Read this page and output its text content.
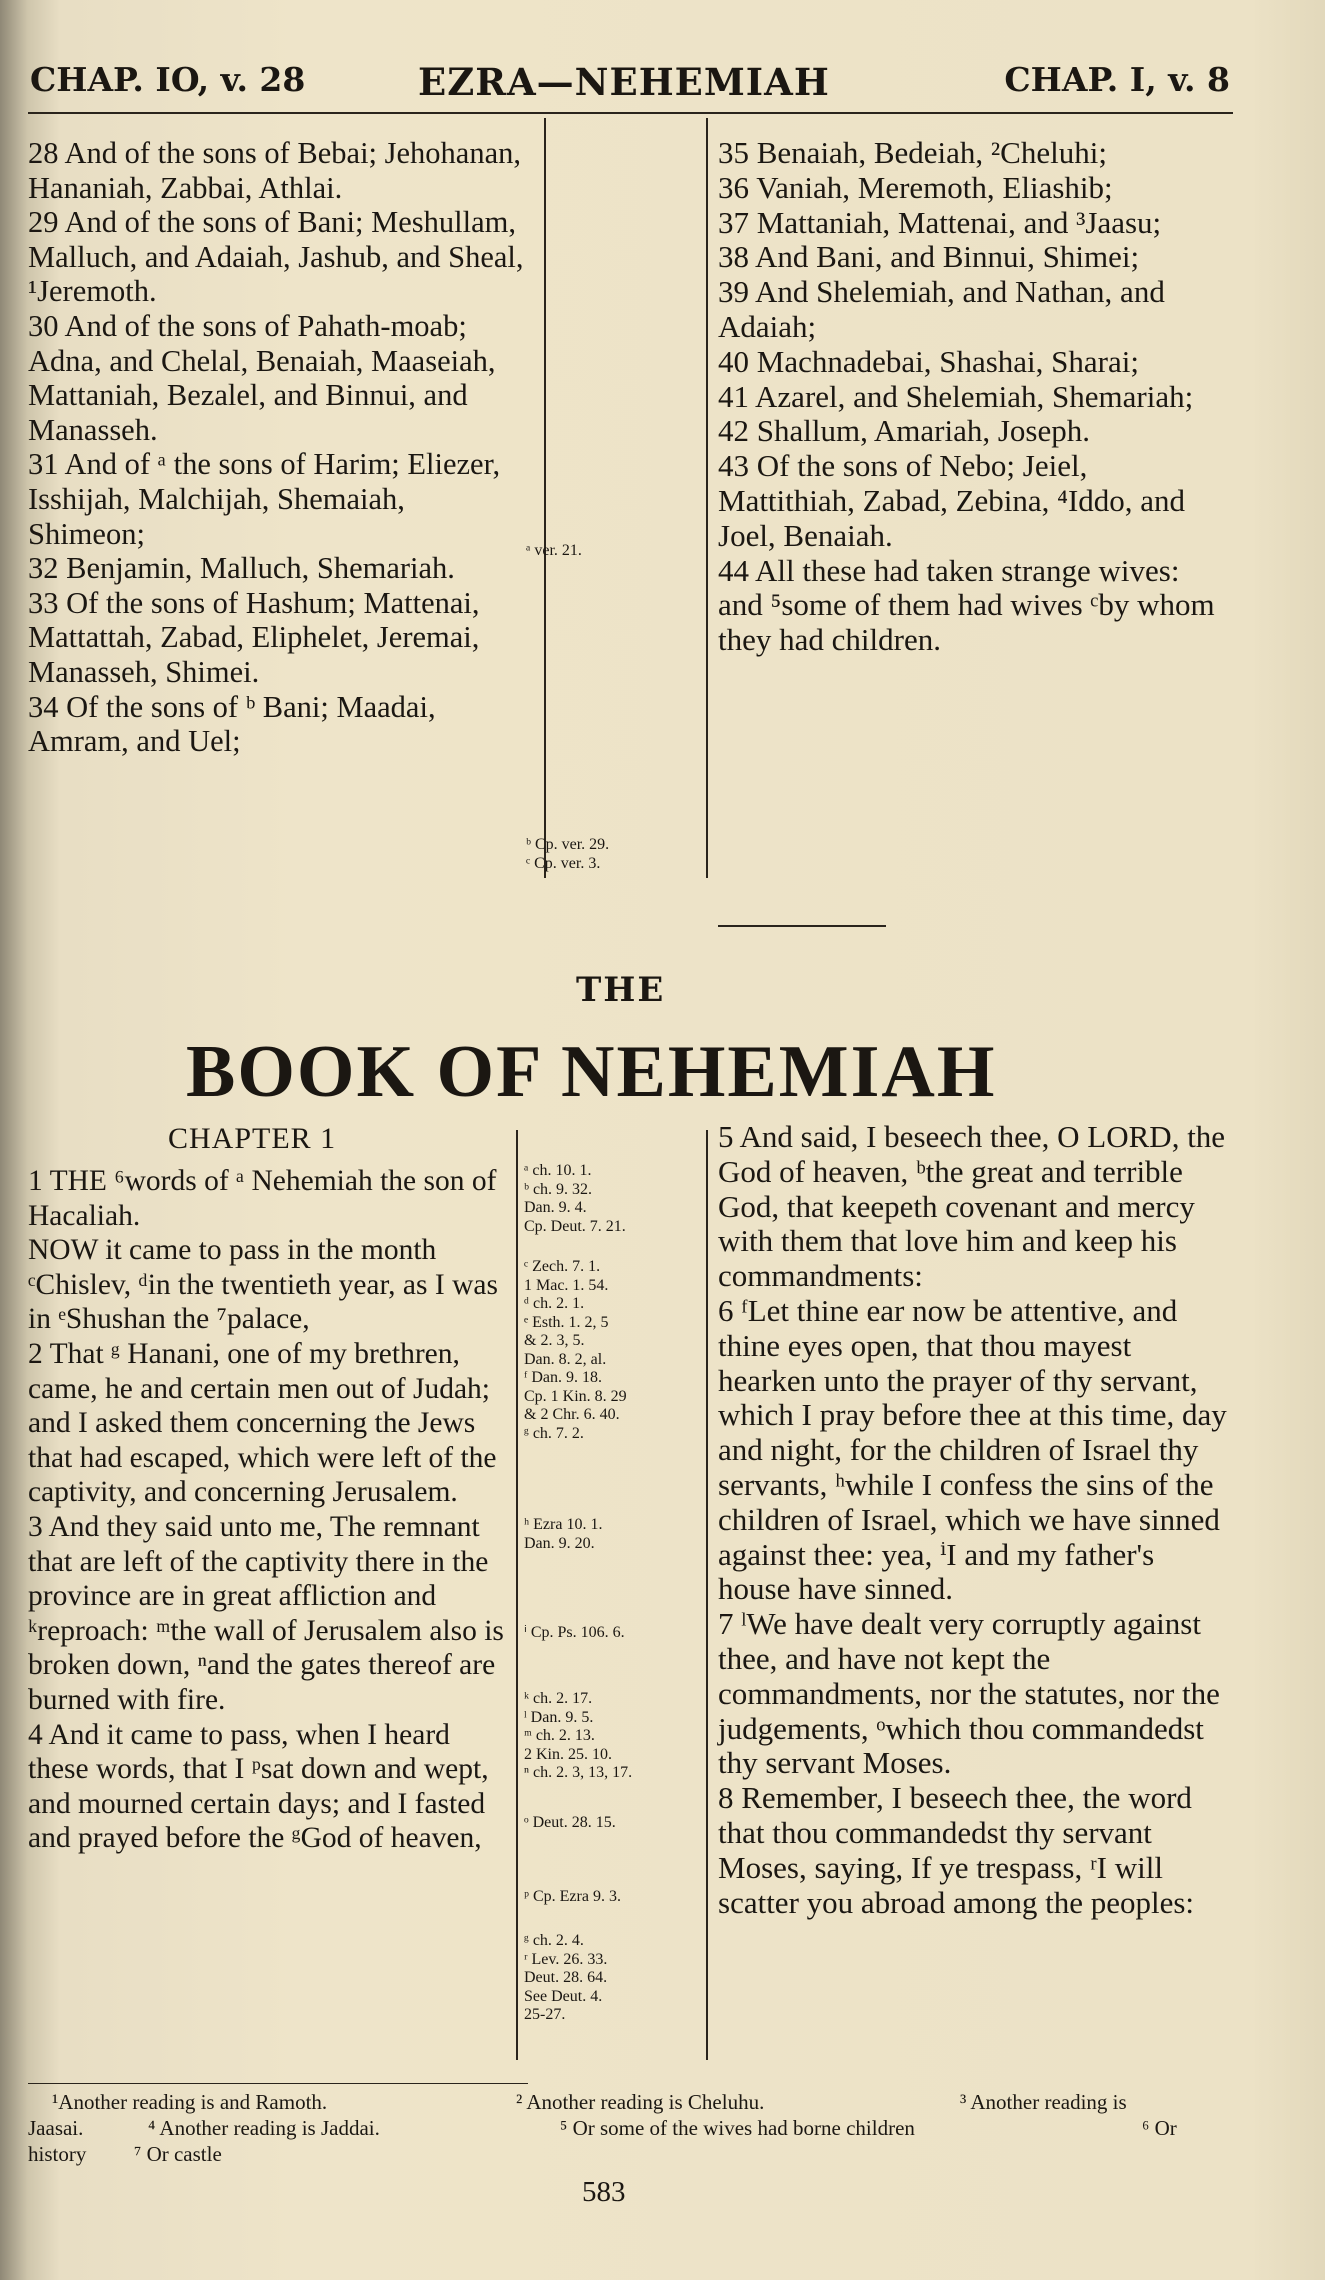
CHAP. IO, v. 28	EZRA—NEHEMIAH	CHAP. I, v. 8

28 And of the sons of Bebai; Jehohanan, Hananiah, Zabbai, Athlai.

29 And of the sons of Bani; Meshullam, Malluch, and Adaiah, Jashub, and Sheal, ¹Jeremoth.

30 And of the sons of Pahath-moab; Adna, and Chelal, Benaiah, Maaseiah, Mattaniah, Bezalel, and Binnui, and Manasseh.

31 And of ᵃ the sons of Harim; Eliezer, Isshijah, Malchijah, Shemaiah, Shimeon;

32 Benjamin, Malluch, Shemariah.

33 Of the sons of Hashum; Mattenai, Mattattah, Zabad, Eliphelet, Jeremai, Manasseh, Shimei.

34 Of the sons of ᵇ Bani; Maadai, Amram, and Uel;

ᵃ ver. 21.
ᵇ Cp. ver. 29.
ᶜ Cp. ver. 3.

35 Benaiah, Bedeiah, ²Cheluhi;

36 Vaniah, Meremoth, Eliashib;

37 Mattaniah, Mattenai, and ³Jaasu;

38 And Bani, and Binnui, Shimei;

39 And Shelemiah, and Nathan, and Adaiah;

40 Machnadebai, Shashai, Sharai;

41 Azarel, and Shelemiah, Shemariah;

42 Shallum, Amariah, Joseph.

43 Of the sons of Nebo; Jeiel, Mattithiah, Zabad, Zebina, ⁴Iddo, and Joel, Benaiah.

44 All these had taken strange wives: and ⁵some of them had wives ᶜby whom they had children.

THE
BOOK OF NEHEMIAH
CHAPTER 1

1 THE ⁶words of ᵃ Nehemiah the son of Hacaliah.

NOW it came to pass in the month ᶜChislev, ᵈin the twentieth year, as I was in ᵉShushan the ⁷palace,

2 That ᵍ Hanani, one of my brethren, came, he and certain men out of Judah; and I asked them concerning the Jews that had escaped, which were left of the captivity, and concerning Jerusalem.

3 And they said unto me, The remnant that are left of the captivity there in the province are in great affliction and ᵏreproach: ᵐthe wall of Jerusalem also is broken down, ⁿand the gates thereof are burned with fire.

4 And it came to pass, when I heard these words, that I ᵖsat down and wept, and mourned certain days; and I fasted and prayed before the ᵍGod of heaven,

ᵃ ch. 10. 1.
ᵇ ch. 9. 32.
Dan. 9. 4.
Cp. Deut. 7. 21.
ᶜ Zech. 7. 1.
1 Mac. 1. 54.
ᵈ ch. 2. 1.
ᵉ Esth. 1. 2, 5
& 2. 3, 5.
Dan. 8. 2, al.
ᶠ Dan. 9. 18.
Cp. 1 Kin. 8. 29
& 2 Chr. 6. 40.
ᵍ ch. 7. 2.
ʰ Ezra 10. 1.
Dan. 9. 20.
ⁱ Cp. Ps. 106. 6.
ᵏ ch. 2. 17.
ˡ Dan. 9. 5.
ᵐ ch. 2. 13.
2 Kin. 25. 10.
ⁿ ch. 2. 3, 13, 17.
ᵒ Deut. 28. 15.
ᵖ Cp. Ezra 9. 3.
ᵍ ch. 2. 4.
ʳ Lev. 26. 33.
Deut. 28. 64.
See Deut. 4.
25-27.

5 And said, I beseech thee, O LORD, the God of heaven, ᵇthe great and terrible God, that keepeth covenant and mercy with them that love him and keep his commandments:

6 ᶠLet thine ear now be attentive, and thine eyes open, that thou mayest hearken unto the prayer of thy servant, which I pray before thee at this time, day and night, for the children of Israel thy servants, ʰwhile I confess the sins of the children of Israel, which we have sinned against thee: yea, ⁱI and my father's house have sinned.

7 ˡWe have dealt very corruptly against thee, and have not kept the commandments, nor the statutes, nor the judgements, ᵒwhich thou commandedst thy servant Moses.

8 Remember, I beseech thee, the word that thou commandedst thy servant Moses, saying, If ye trespass, ʳI will scatter you abroad among the peoples:

¹Another reading is and Ramoth.	² Another reading is Cheluhu.	³ Another reading is
Jaasai.	⁴ Another reading is Jaddai.	⁵ Or some of the wives had borne children	⁶ Or
history ⁷ Or castle
583
